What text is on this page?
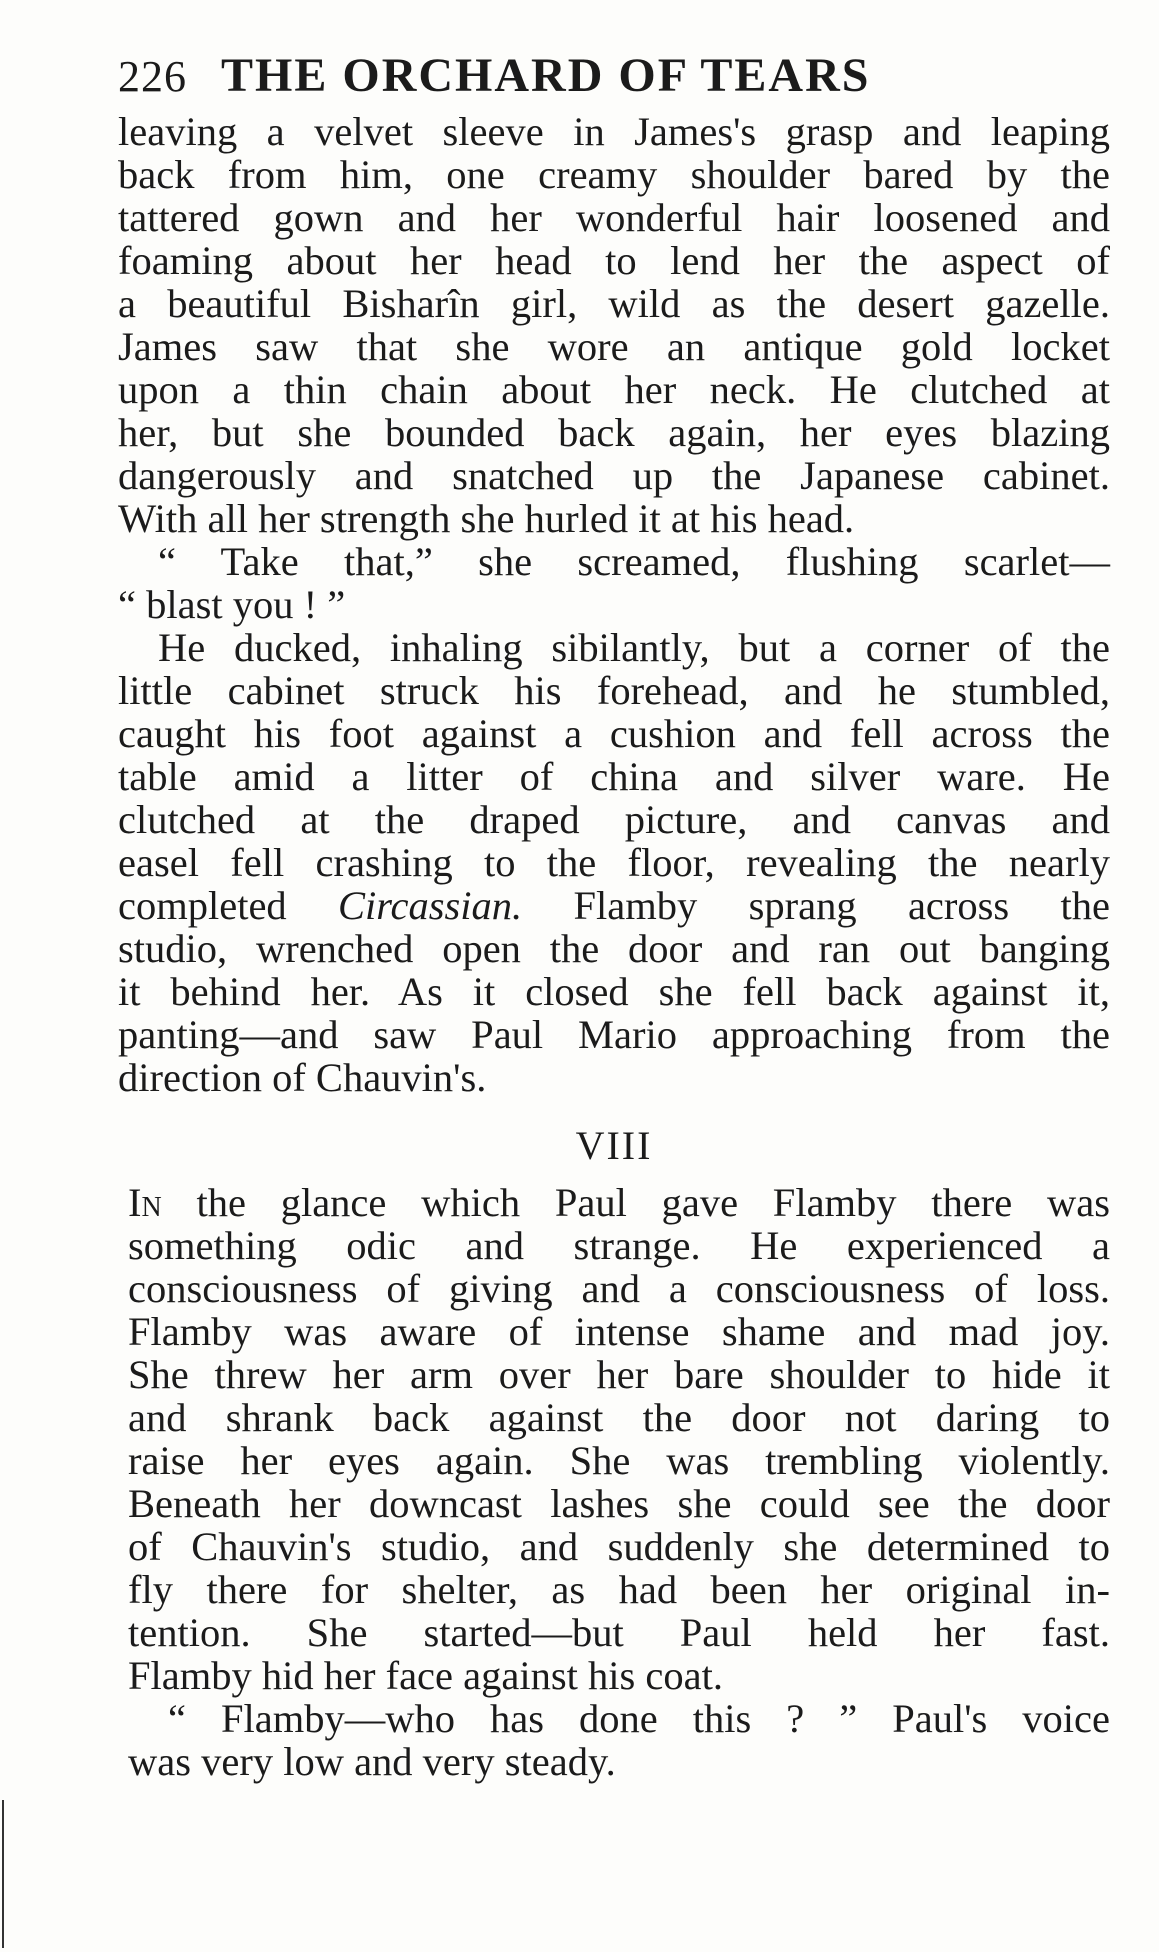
226 THE ORCHARD OF TEARS

leaving a velvet sleeve in James's grasp and leaping
back from him, one creamy shoulder bared by the
tattered gown and her wonderful hair loosened and
foaming about her head to lend her the aspect of
a beautiful Bisharîn girl, wild as the desert gazelle.
James saw that she wore an antique gold locket
upon a thin chain about her neck. He clutched at
her, but she bounded back again, her eyes blazing
dangerously and snatched up the Japanese cabinet.
With all her strength she hurled it at his head.

“ Take that,” she screamed, flushing scarlet—
“ blast you ! ”

He ducked, inhaling sibilantly, but a corner of the
little cabinet struck his forehead, and he stumbled,
caught his foot against a cushion and fell across the
table amid a litter of china and silver ware. He
clutched at the draped picture, and canvas and
easel fell crashing to the floor, revealing the nearly
completed Circassian. Flamby sprang across the
studio, wrenched open the door and ran out banging
it behind her. As it closed she fell back against it,
panting—and saw Paul Mario approaching from the
direction of Chauvin's.

VIII

In the glance which Paul gave Flamby there was
something odic and strange. He experienced a
consciousness of giving and a consciousness of loss.
Flamby was aware of intense shame and mad joy.
She threw her arm over her bare shoulder to hide it
and shrank back against the door not daring to
raise her eyes again. She was trembling violently.
Beneath her downcast lashes she could see the door
of Chauvin's studio, and suddenly she determined to
fly there for shelter, as had been her original in-
tention. She started—but Paul held her fast.
Flamby hid her face against his coat.

“ Flamby—who has done this ? ” Paul's voice
was very low and very steady.
